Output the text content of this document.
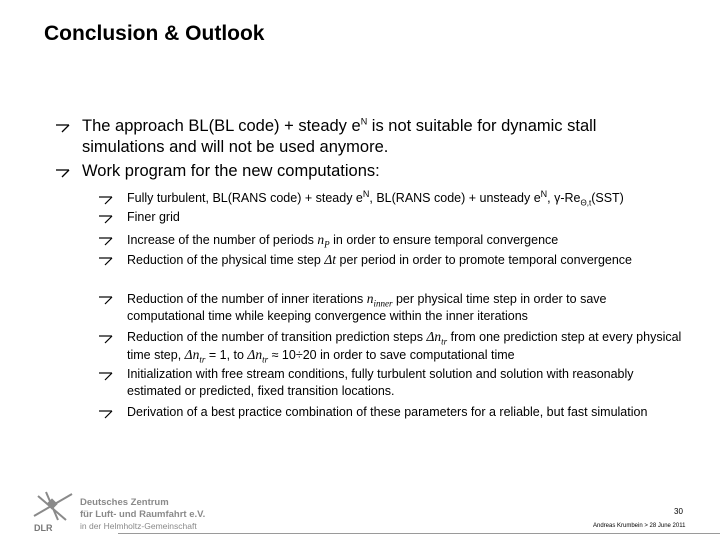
Conclusion & Outlook
The approach BL(BL code) + steady $e^N$ is not suitable for dynamic stall simulations and will not be used anymore.
Work program for the new computations:
Fully turbulent, BL(RANS code) + steady $e^N$, BL(RANS code) + unsteady $e^N$, $\gamma-Re_{\Theta,t}(SST)$
Finer grid
Increase of the number of periods $n_P$ in order to ensure temporal convergence
Reduction of the physical time step Δt per period in order to promote temporal convergence
Reduction of the number of inner iterations $n_{inner}$ per physical time step in order to save computational time while keeping convergence within the inner iterations
Reduction of the number of transition prediction steps $\Delta n_{tr}$ from one prediction step at every physical time step, $\Delta n_{tr} = 1$, to $\Delta n_{tr} \approx 10\div 20$ in order to save computational time
Initialization with free stream conditions, fully turbulent solution and solution with reasonably estimated or predicted, fixed transition locations.
Derivation of a best practice combination of these parameters for a reliable, but fast simulation
DLR
Deutsches Zentrum
für Luft- und Raumfahrt e.V.
in der Helmholtz-Gemeinschaft
30
Andreas Krumbein > 28 June 2011
